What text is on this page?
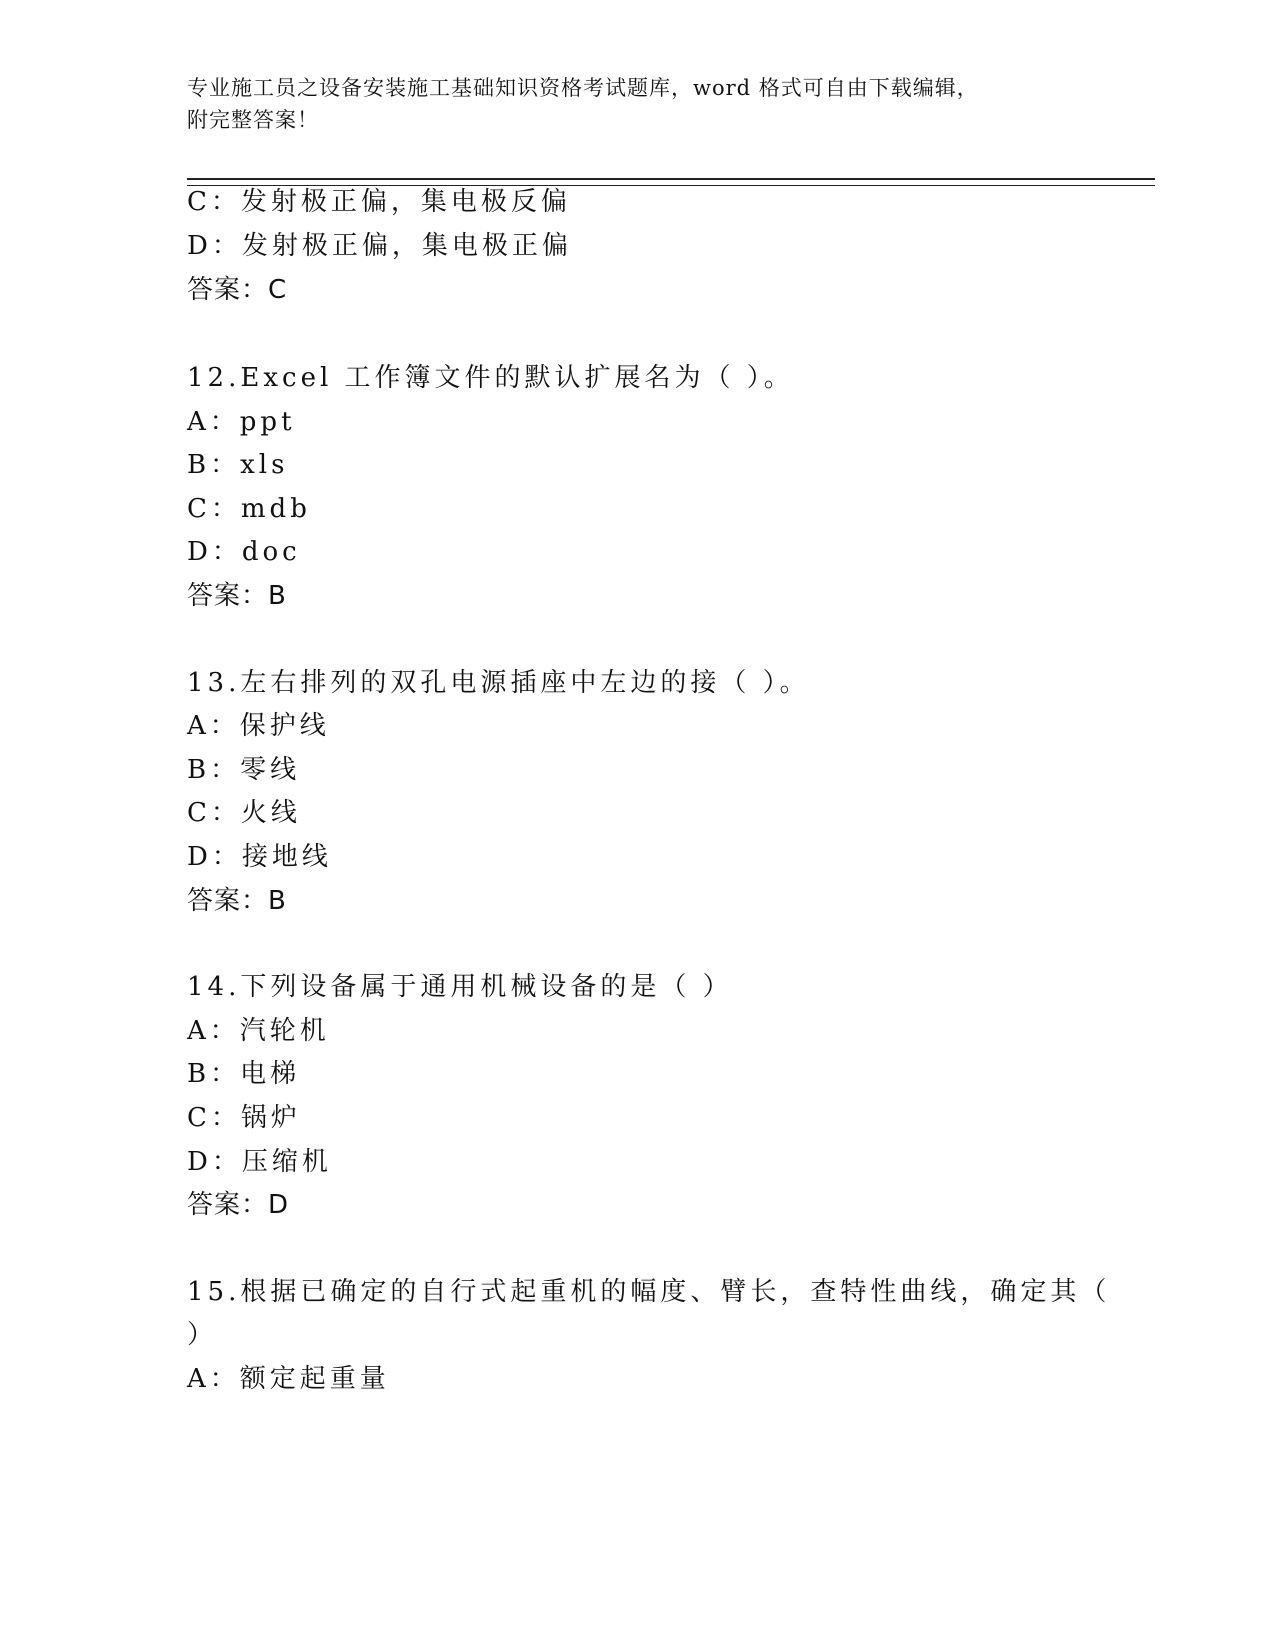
专业施工员之设备安装施工基础知识资格考试题库，word 格式可自由下载编辑，
附完整答案！
C：发射极正偏，集电极反偏
D：发射极正偏，集电极正偏
答案：C
12.Excel 工作簿文件的默认扩展名为（ ）。
A：ppt
B：xls
C：mdb
D：doc
答案：B
13.左右排列的双孔电源插座中左边的接（ ）。
A：保护线
B：零线
C：火线
D：接地线
答案：B
14.下列设备属于通用机械设备的是（ ）
A：汽轮机
B：电梯
C：锅炉
D：压缩机
答案：D
15.根据已确定的自行式起重机的幅度、臂长，查特性曲线，确定其（
）
A：额定起重量
